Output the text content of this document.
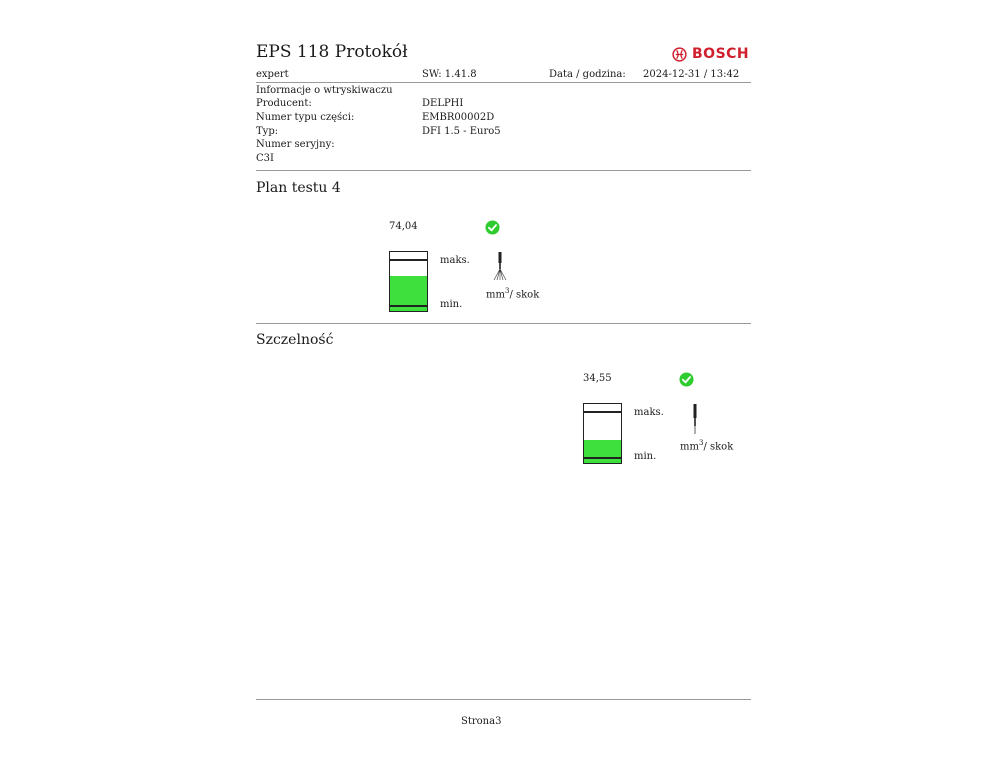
EPS 118 Protokół	BOSCH
expert	SW: 1.41.8	Data / godzina: 2024-12-31 / 13:42
Informacje o wtryskiwaczu
Producent:	DELPHI
Numer typu części:	EMBR00002D
Typ:	DFI 1.5 - Euro5
Numer seryjny:
C3I
Plan testu 4
74,04
maks.
min.
$mm^3/$ skok
Szczelność
34,55
maks.
min.
$mm^3/$ skok
Strona3
